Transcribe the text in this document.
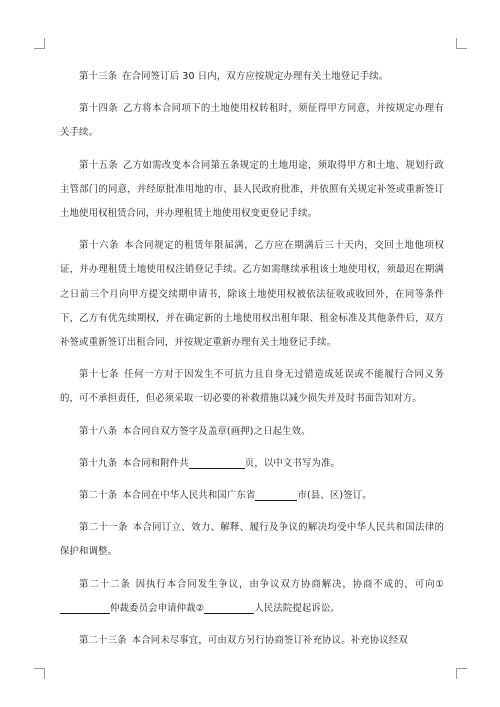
第十三条 在合同签订后 30 日内，双方应按规定办理有关土地登记手续。

第十四条 乙方将本合同项下的土地使用权转租时，须征得甲方同意，并按规定办理有关手续。

第十五条 乙方如需改变本合同第五条规定的土地用途，须取得甲方和土地、规划行政主管部门的同意，并经原批准用地的市、县人民政府批准，并依照有关规定补签或重新签订土地使用权租赁合同，并办理租赁土地使用权变更登记手续。

第十六条 本合同规定的租赁年限届满，乙方应在期满后三十天内，交回土地他项权证，并办理租赁土地使用权注销登记手续。乙方如需继续承租该土地使用权，须最迟在期满之日前三个月向甲方提交续期申请书，除该土地使用权被依法征收或收回外，在同等条件下，乙方有优先续期权，并在确定新的土地使用权出租年限、租金标准及其他条件后，双方补签或重新签订出租合同，并按规定重新办理有关土地登记手续。

第十七条 任何一方对于因发生不可抗力且自身无过错造成延误或不能履行合同义务的，可不承担责任，但必须采取一切必要的补救措施以减少损失并及时书面告知对方。

第十八条 本合同自双方签字及盖章(画押)之日起生效。

第十九条 本合同和附件共	页，以中文书写为准。

第二十条 本合同在中华人民共和国广东省	市(县、区)签订。

第二十一条 本合同订立、效力、解释、履行及争议的解决均受中华人民共和国法律的保护和调整。

第二十二条 因执行本合同发生争议，由争议双方协商解决，协商不成的，可向①仲裁委员会申请仲裁②	人民法院提起诉讼。

第二十三条 本合同未尽事宜，可由双方另行协商签订补充协议。补充协议经双
